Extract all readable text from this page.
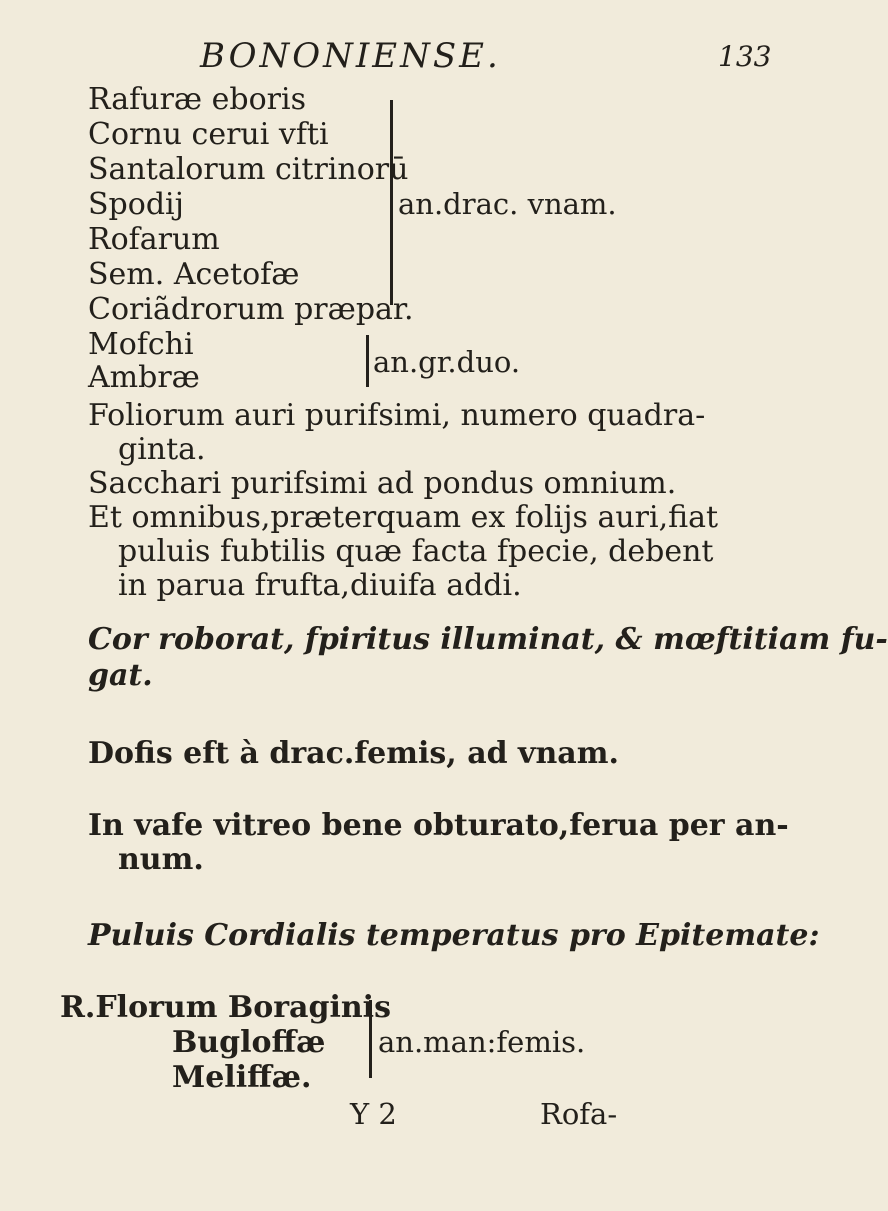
BONONIENSE.	133
Rafuræ eboris
Cornu cerui vfti
Santalorum citrinorū
Spodij
Rofarum
Sem. Acetofæ
Coriãdrorum præpar.
an.drac. vnam.
Mofchi
Ambræ	an.gr.duo.
Foliorum auri purifsimi, numero quadra-
ginta.
Sacchari purifsimi ad pondus omnium.
Et omnibus,præterquam ex folijs auri,fiat
puluis fubtilis quæ facta fpecie, debent
in parua frufta,diuifa addi.
Cor roborat, fpiritus illuminat, & mœftitiam fu-
gat.
Dofis eft à drac.femis, ad vnam.
In vafe vitreo bene obturato,ferua per an-
num.
Puluis Cordialis temperatus pro Epitemate:
R.Florum Boraginis
Bugloffæ
Meliffæ.
an.man:femis.
Y 2	Rofa-
